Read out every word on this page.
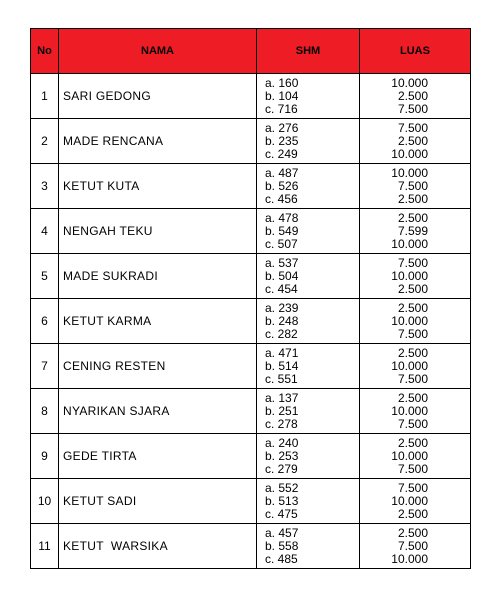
No	NAMA	SHM	LUAS
1	SARI GEDONG	a. 160
b. 104
c. 716	10.000
2.500
7.500

2	MADE RENCANA	a. 276
b. 235
c. 249	7.500
2.500
10.000

3	KETUT KUTA	a. 487
b. 526
c. 456	10.000
7.500
2.500

4	NENGAH TEKU	a. 478
b. 549
c. 507	2.500
7.599
10.000

5	MADE SUKRADI	a. 537
b. 504
c. 454	7.500
10.000
2.500

6	KETUT KARMA	a. 239
b. 248
c. 282	2.500
10.000
7.500

7	CENING RESTEN	a. 471
b. 514
c. 551	2.500
10.000
7.500

8	NYARIKAN SJARA	a. 137
b. 251
c. 278	2.500
10.000
7.500

9	GEDE TIRTA	a. 240
b. 253
c. 279	2.500
10.000
7.500

10	KETUT SADI	a. 552
b. 513
c. 475	7.500
10.000
2.500

11	KETUT  WARSIKA	a. 457
b. 558
c. 485	2.500
7.500
10.000
